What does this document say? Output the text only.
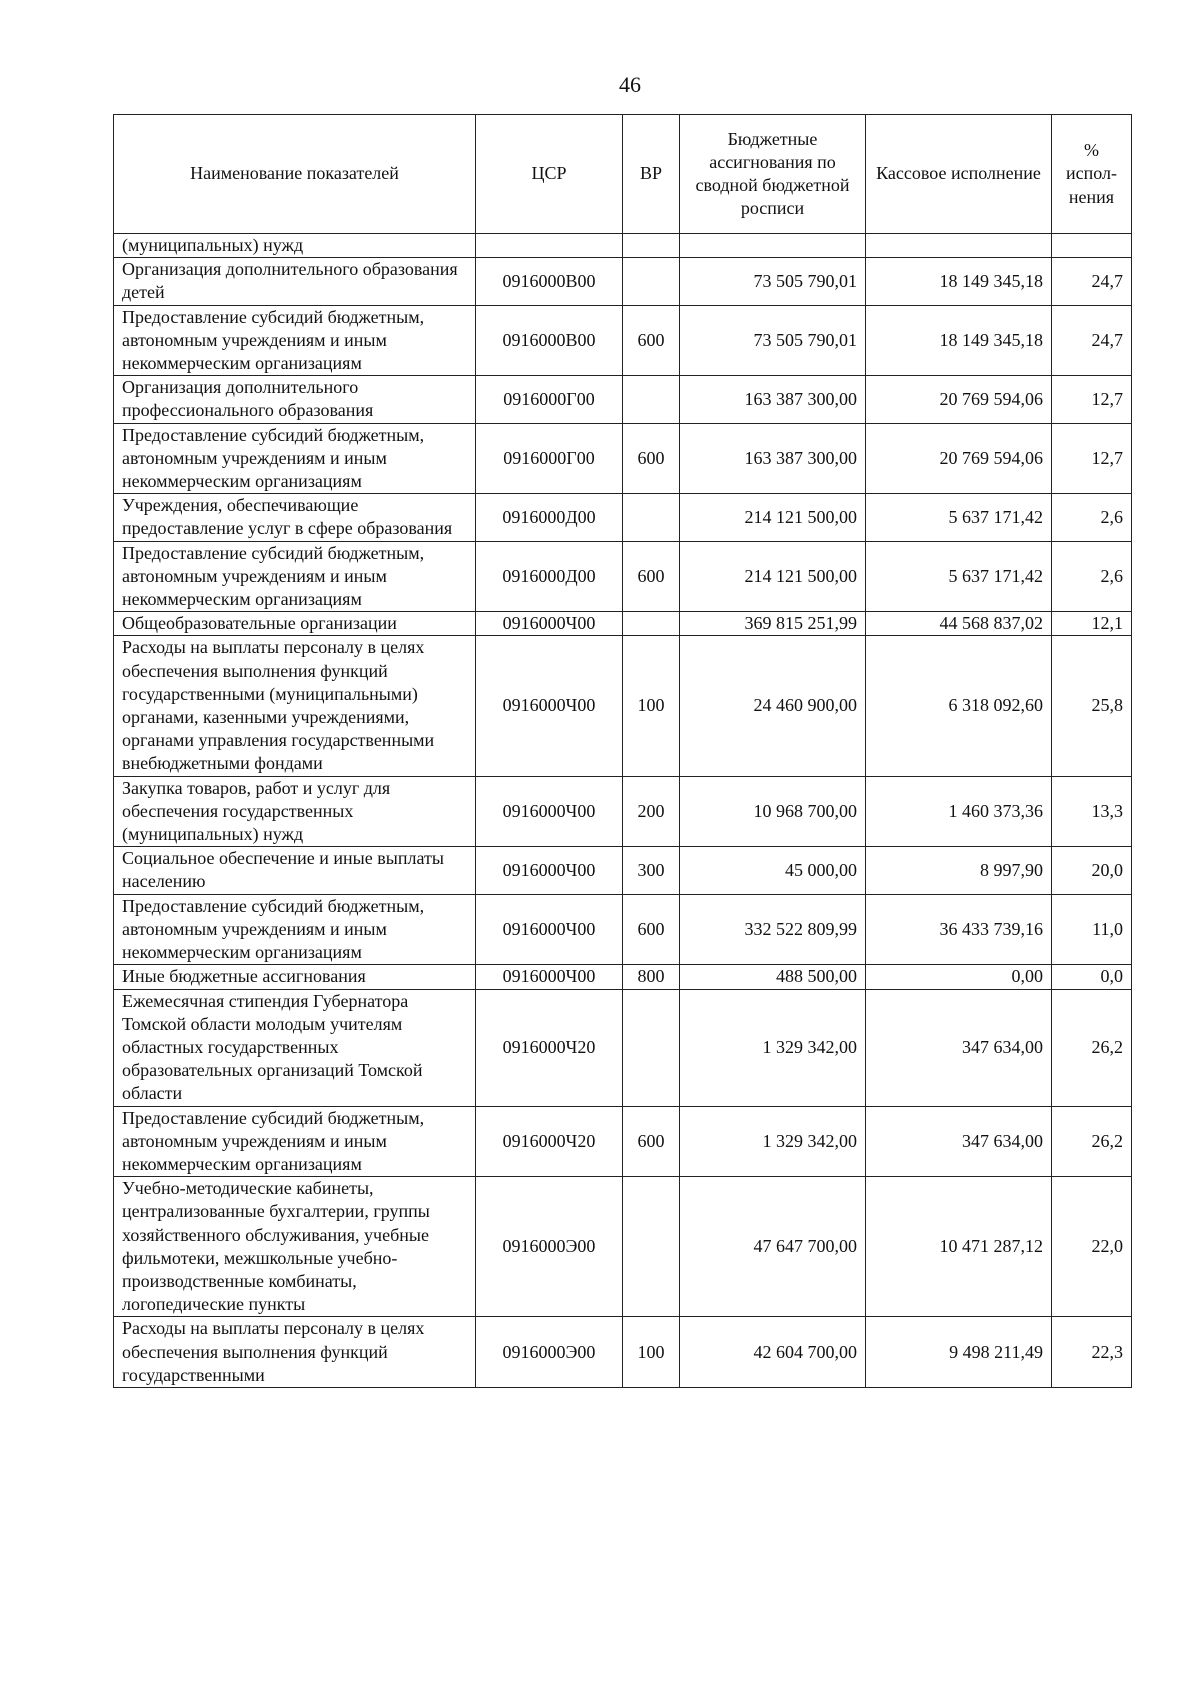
46
Наименование показателей	ЦСР	ВР	Бюджетные ассигнования по сводной бюджетной росписи	Кассовое исполнение	% испол-нения
(муниципальных) нужд					
Организация дополнительного образования детей	0916000В00		73 505 790,01	18 149 345,18	24,7
Предоставление субсидий бюджетным, автономным учреждениям и иным некоммерческим организациям	0916000В00	600	73 505 790,01	18 149 345,18	24,7
Организация дополнительного профессионального образования	0916000Г00		163 387 300,00	20 769 594,06	12,7
Предоставление субсидий бюджетным, автономным учреждениям и иным некоммерческим организациям	0916000Г00	600	163 387 300,00	20 769 594,06	12,7
Учреждения, обеспечивающие предоставление услуг в сфере образования	0916000Д00		214 121 500,00	5 637 171,42	2,6
Предоставление субсидий бюджетным, автономным учреждениям и иным некоммерческим организациям	0916000Д00	600	214 121 500,00	5 637 171,42	2,6
Общеобразовательные организации	0916000Ч00		369 815 251,99	44 568 837,02	12,1
Расходы на выплаты персоналу в целях обеспечения выполнения функций государственными (муниципальными) органами, казенными учреждениями, органами управления государственными внебюджетными фондами	0916000Ч00	100	24 460 900,00	6 318 092,60	25,8
Закупка товаров, работ и услуг для обеспечения государственных (муниципальных) нужд	0916000Ч00	200	10 968 700,00	1 460 373,36	13,3
Социальное обеспечение и иные выплаты населению	0916000Ч00	300	45 000,00	8 997,90	20,0
Предоставление субсидий бюджетным, автономным учреждениям и иным некоммерческим организациям	0916000Ч00	600	332 522 809,99	36 433 739,16	11,0
Иные бюджетные ассигнования	0916000Ч00	800	488 500,00	0,00	0,0
Ежемесячная стипендия Губернатора Томской области молодым учителям областных государственных образовательных организаций Томской области	0916000Ч20		1 329 342,00	347 634,00	26,2
Предоставление субсидий бюджетным, автономным учреждениям и иным некоммерческим организациям	0916000Ч20	600	1 329 342,00	347 634,00	26,2
Учебно-методические кабинеты, централизованные бухгалтерии, группы хозяйственного обслуживания, учебные фильмотеки, межшкольные учебно-производственные комбинаты, логопедические пункты	0916000Э00		47 647 700,00	10 471 287,12	22,0
Расходы на выплаты персоналу в целях обеспечения выполнения функций государственными	0916000Э00	100	42 604 700,00	9 498 211,49	22,3
